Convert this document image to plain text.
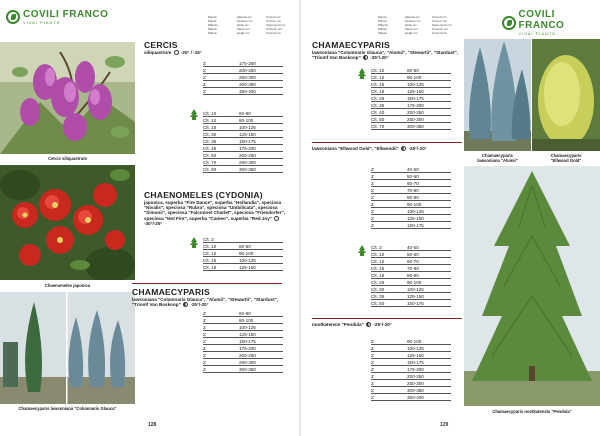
COVILI FRANCO
VIVAI PIANTE
Pianta
Plante
Pflanze
Planta
Planta
Altezza cm
Hauteur cm
Höhe cm
Altura cm
Heigh cm
Circonf.cm
Circonf. cm
Stammumf.cm
Circumf. cm
Circumf.cm
Cercis siliquastrum
Chaenomeles japonica
Chamaecyparis lawsoniana "Columnaris Glauca"
CERCIS
siliquastrum -20° / -15°
Z	175-200
Z	200-250
Z	250-300
Z	300-350
Z	350-400
Clt. 10	60-80
Clt. 12	80-100
Clt. 15	100-125
Clt. 30	125-150
Clt. 35	150-175
Clt. 45	175-200
Clt. 60	200-250
Clt. 70	250-300
Clt. 90	300-350
CHAENOMELES (CYDONIA)
japonica, superba "Fire Dance", superba "Hollandia", speciosa "Nivalis", speciosa "Rubra", speciosa "Umbilicata", speciosa "Simonii", speciosa "Falconnet Charlet", speciosa "Friesdorfer", speciosa "Hot Fire", superba "Cameo", superba "Red Joy"  -30°/-25°
Clt. 3
Clt. 10	60-80
Clt. 12	80-100
Clt. 15	100-125
Clt. 18	125-150
CHAMAECYPARIS
lawsoniana "Columnaris Glauca", "Alumii", "Stewartii", "Stardust", "Triomf Van Boskoop" -25°/-20°
Z	60-80
Z	80-100
Z	100-125
Z	125-150
Z	150-175
Z	175-200
Z	200-250
Z	250-300
Z	300-350
128
Pianta
Plante
Pflanze
Planta
Planta
Altezza cm
Hauteur cm
Höhe cm
Altura cm
Heigh cm
Circonf.cm
Circonf. cm
Stammumf.cm
Circumf. cm
Circumf.cm
COVILI FRANCO
VIVAI PIANTE
CHAMAECYPARIS
lawsoniana "Columnaris Glauca", "Alumii", "Stewartii", "Stardust", "Triomf Van Boskoop" -25°/-20°
Clt. 10	60-80
Clt. 12	80-100
Clt. 15	100-125
Clt. 18	125-150
Clt. 25	150-175
Clt. 35	175-200
Clt. 40	200-250
Clt. 50	250-300
Clt. 70	300-350
lawsoniana "Ellwood Gold", "Ellwoodii" -25°/-20°
Z	40-50
Z	50-60
Z	60-70
Z	70-80
Z	80-90
Z	90-100
Z	100-125
Z	125-150
Z	150-175
Clt. 3	40-50
Clt. 10	50-60
Clt. 12	60-70
Clt. 15	70-80
Clt. 18	80-90
Clt. 25	90-100
Clt. 30	100-125
Clt. 35	125-150
Clt. 50	150-175
nootkatensis "Pendula" -25°/-20°
Z	80-100
Z	100-125
Z	125-150
Z	150-175
Z	175-200
Z	200-250
Z	250-300
Z	300-350
Z	350-400
Chamaecyparis
lawsoniana "Alumii"
Chamaecyparis
"Ellwood Gold"
Chamaecyparis nootkatensis "Pendula"
129
